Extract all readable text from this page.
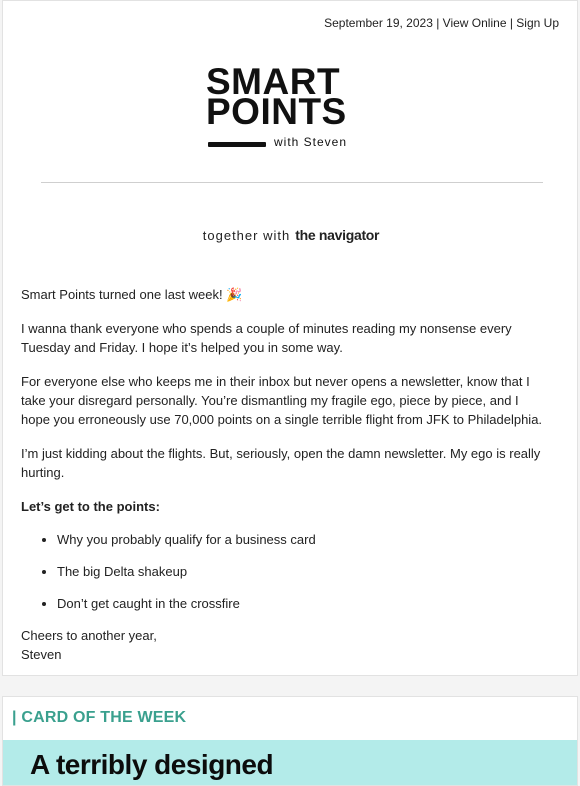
September 19, 2023 | View Online | Sign Up
SMART
POINTS
with Steven
together with the navigator

Smart Points turned one last week! 🎉

I wanna thank everyone who spends a couple of minutes reading my nonsense every Tuesday and Friday. I hope it’s helped you in some way.

For everyone else who keeps me in their inbox but never opens a newsletter, know that I take your disregard personally. You’re dismantling my fragile ego, piece by piece, and I hope you erroneously use 70,000 points on a single terrible flight from JFK to Philadelphia.

I’m just kidding about the flights. But, seriously, open the damn newsletter. My ego is really hurting.

Let’s get to the points:

• Why you probably qualify for a business card
• The big Delta shakeup
• Don’t get caught in the crossfire
Cheers to another year,
Steven
| CARD OF THE WEEK
A terribly designed
